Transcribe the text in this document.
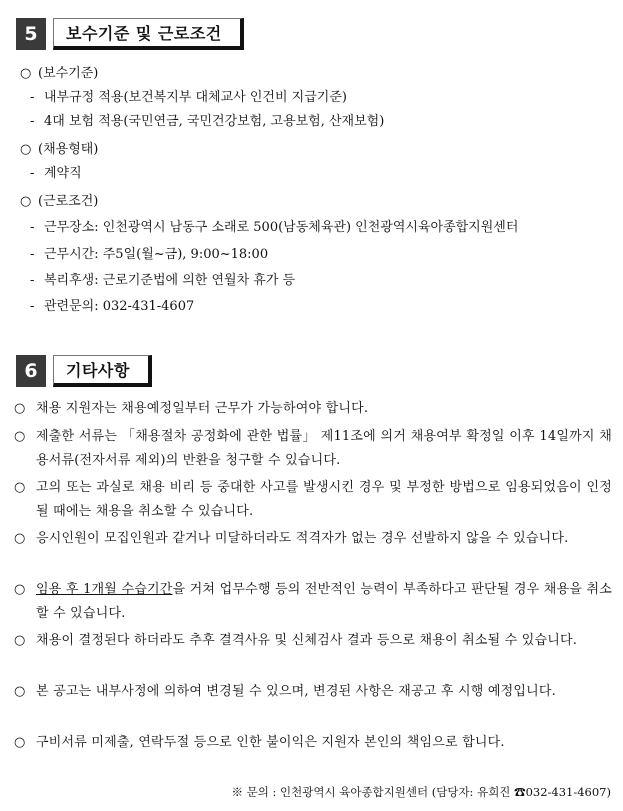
5	보수기준 및 근로조건
○ (보수기준)
- 내부규정 적용(보건복지부 대체교사 인건비 지급기준)
- 4대 보험 적용(국민연금, 국민건강보험, 고용보험, 산재보험)
○ (채용형태)
- 계약직
○ (근로조건)
- 근무장소: 인천광역시 남동구 소래로 500(남동체육관) 인천광역시육아종합지원센터
- 근무시간: 주5일(월~금), 9:00~18:00
- 복리후생: 근로기준법에 의한 연월차 휴가 등
- 관련문의: 032-431-4607
6	기타사항
○ 채용 지원자는 채용예정일부터 근무가 가능하여야 합니다.
○ 제출한 서류는 「채용절차 공정화에 관한 법률」 제11조에 의거 채용여부 확정일 이후 14일까지 채용서류(전자서류 제외)의 반환을 청구할 수 있습니다.
○ 고의 또는 과실로 채용 비리 등 중대한 사고를 발생시킨 경우 및 부정한 방법으로 임용되었음이 인정될 때에는 채용을 취소할 수 있습니다.
○ 응시인원이 모집인원과 같거나 미달하더라도 적격자가 없는 경우 선발하지 않을 수 있습니다.
○ 임용 후 1개월 수습기간을 거쳐 업무수행 등의 전반적인 능력이 부족하다고 판단될 경우 채용을 취소할 수 있습니다.
○ 채용이 결정된다 하더라도 추후 결격사유 및 신체검사 결과 등으로 채용이 취소될 수 있습니다.
○ 본 공고는 내부사정에 의하여 변경될 수 있으며, 변경된 사항은 재공고 후 시행 예정입니다.
○ 구비서류 미제출, 연락두절 등으로 인한 불이익은 지원자 본인의 책임으로 합니다.
※ 문의 : 인천광역시 육아종합지원센터 (담당자: 유희진 ☎032-431-4607)
